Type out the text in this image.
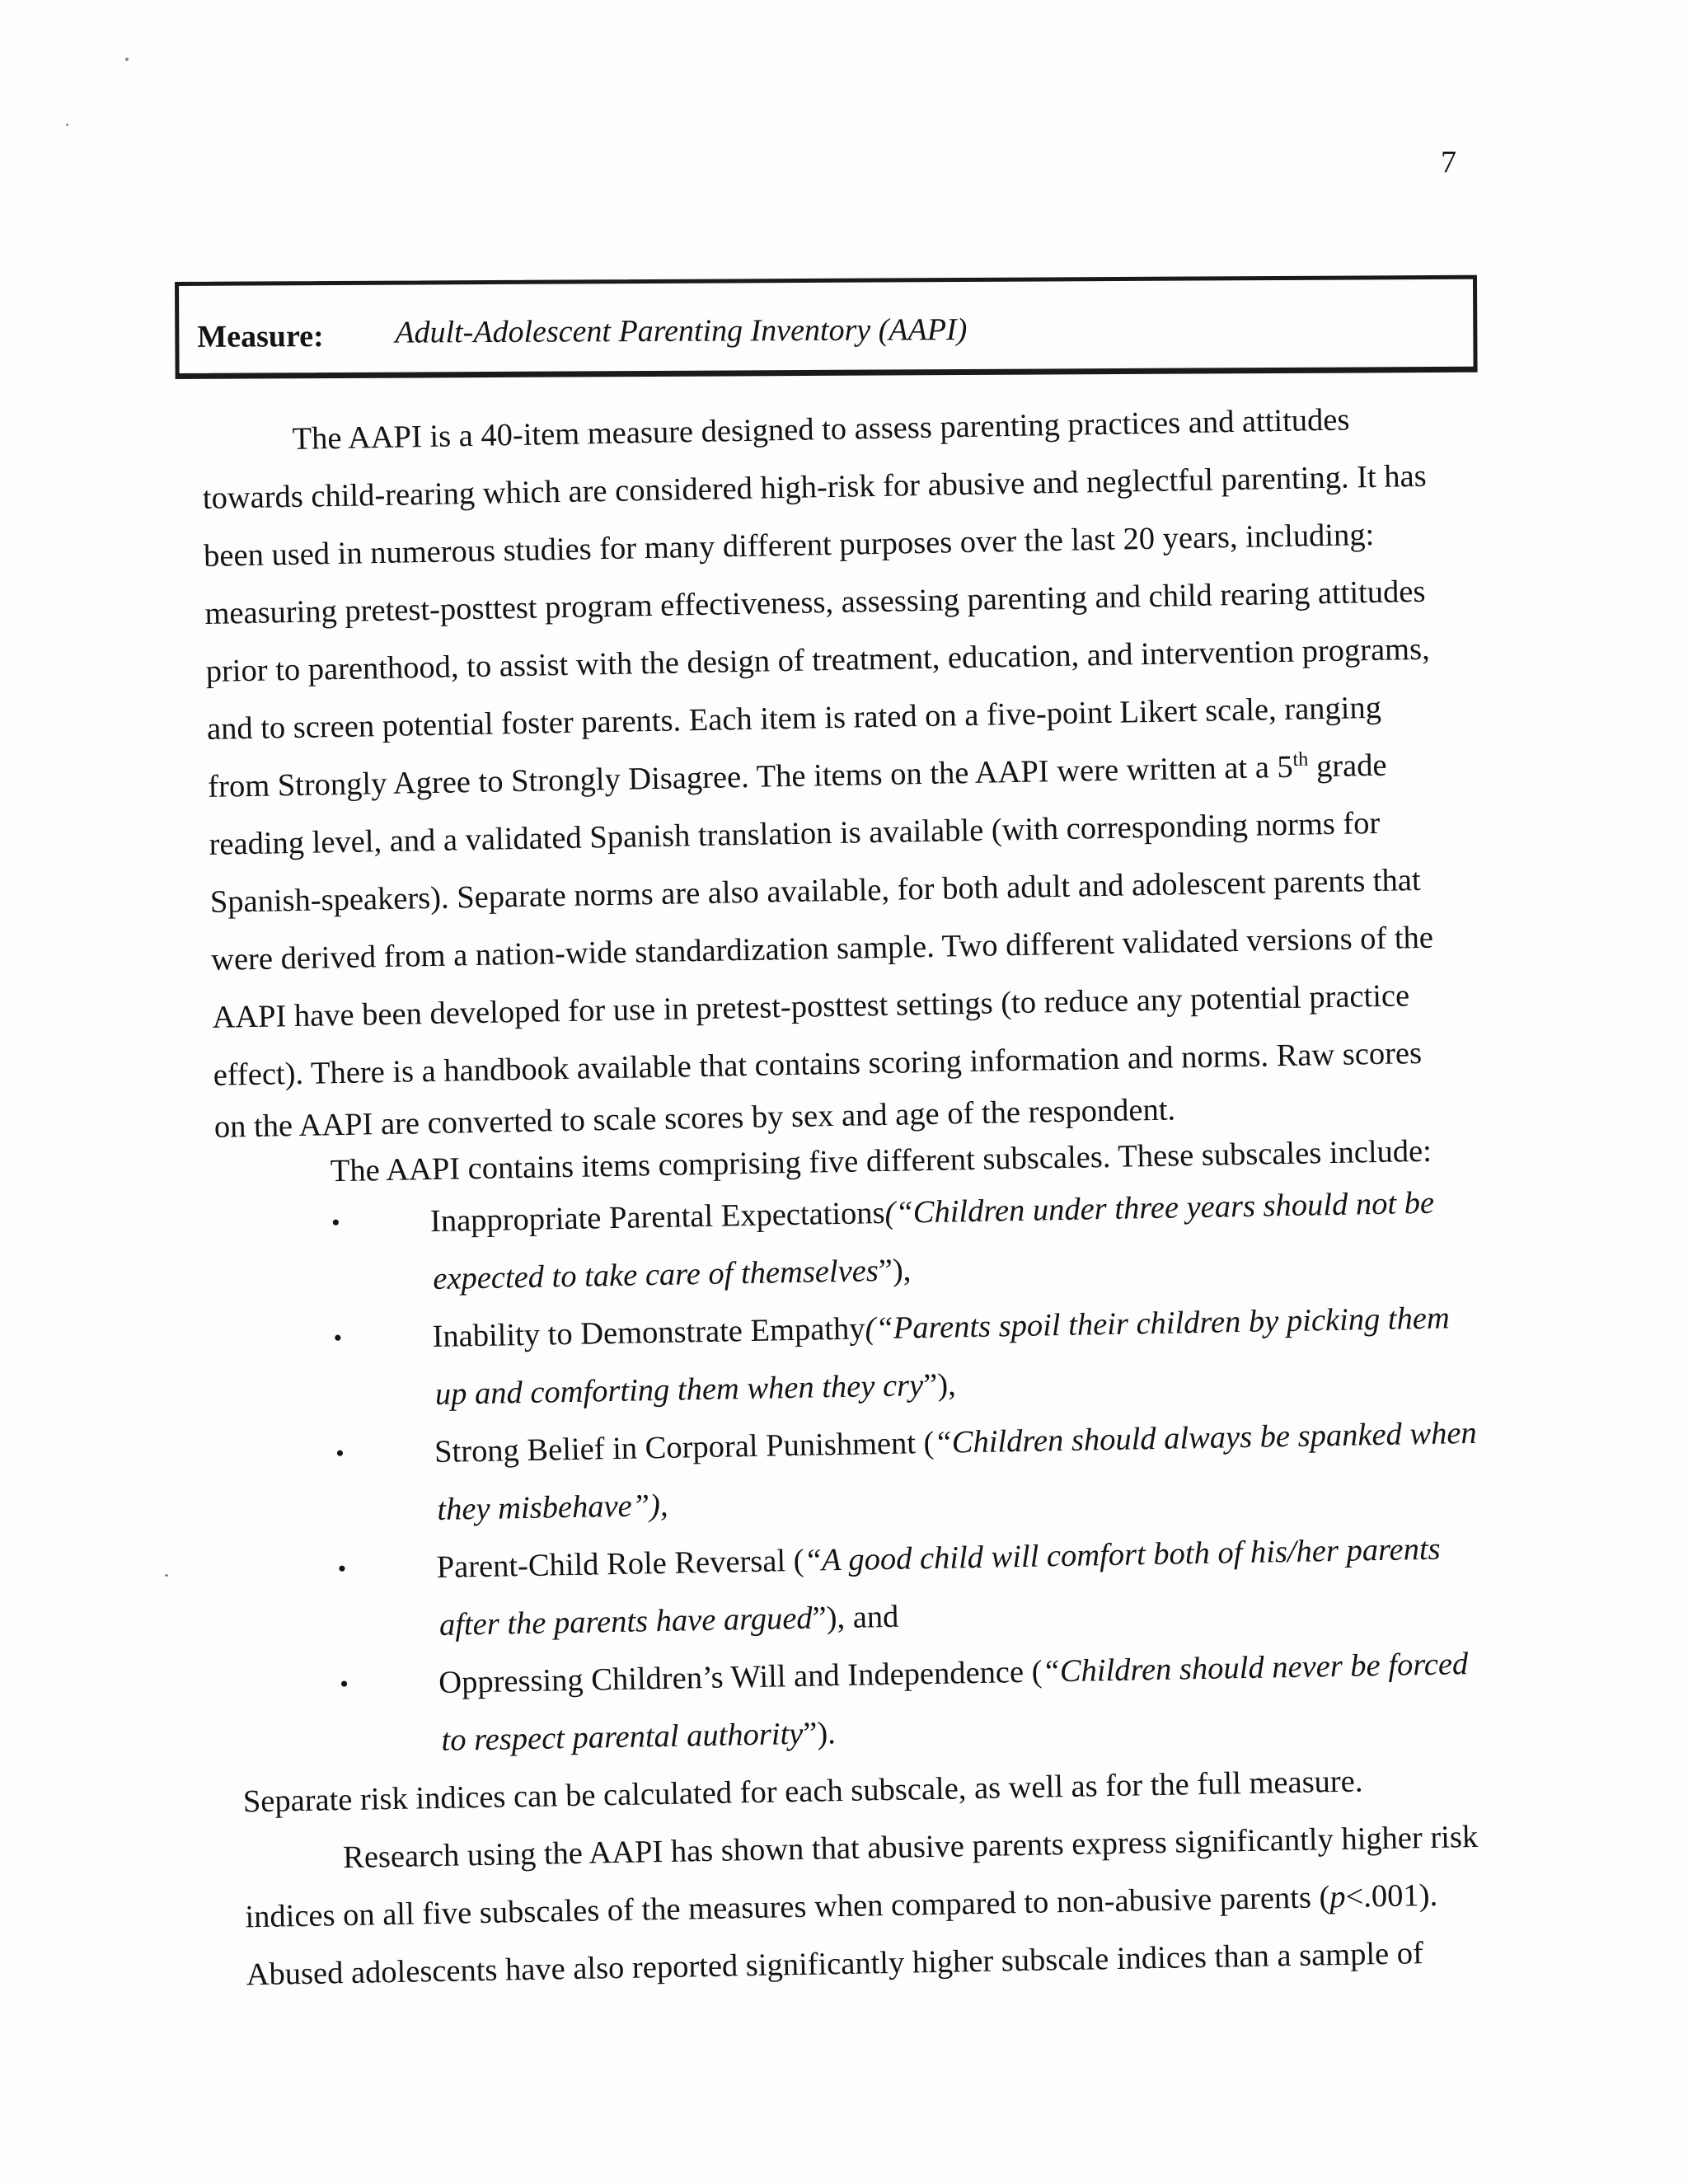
7
Measure: Adult-Adolescent Parenting Inventory (AAPI)
The AAPI is a 40-item measure designed to assess parenting practices and attitudes
towards child-rearing which are considered high-risk for abusive and neglectful parenting. It has
been used in numerous studies for many different purposes over the last 20 years, including:
measuring pretest-posttest program effectiveness, assessing parenting and child rearing attitudes
prior to parenthood, to assist with the design of treatment, education, and intervention programs,
and to screen potential foster parents. Each item is rated on a five-point Likert scale, ranging
from Strongly Agree to Strongly Disagree. The items on the AAPI were written at a 5th grade
reading level, and a validated Spanish translation is available (with corresponding norms for
Spanish-speakers). Separate norms are also available, for both adult and adolescent parents that
were derived from a nation-wide standardization sample. Two different validated versions of the
AAPI have been developed for use in pretest-posttest settings (to reduce any potential practice
effect). There is a handbook available that contains scoring information and norms. Raw scores
on the AAPI are converted to scale scores by sex and age of the respondent.
The AAPI contains items comprising five different subscales. These subscales include:
•	Inappropriate Parental Expectations (“Children under three years should not be
expected to take care of themselves”),
•	Inability to Demonstrate Empathy (“Parents spoil their children by picking them
up and comforting them when they cry”),
•	Strong Belief in Corporal Punishment ( “Children should always be spanked when
they misbehave”),
•	Parent-Child Role Reversal ( “A good child will comfort both of his/her parents
after the parents have argued”), and
•	Oppressing Children’s Will and Independence ( “Children should never be forced
to respect parental authority”).
Separate risk indices can be calculated for each subscale, as well as for the full measure.
Research using the AAPI has shown that abusive parents express significantly higher risk
indices on all five subscales of the measures when compared to non-abusive parents (p<.001).
Abused adolescents have also reported significantly higher subscale indices than a sample of
